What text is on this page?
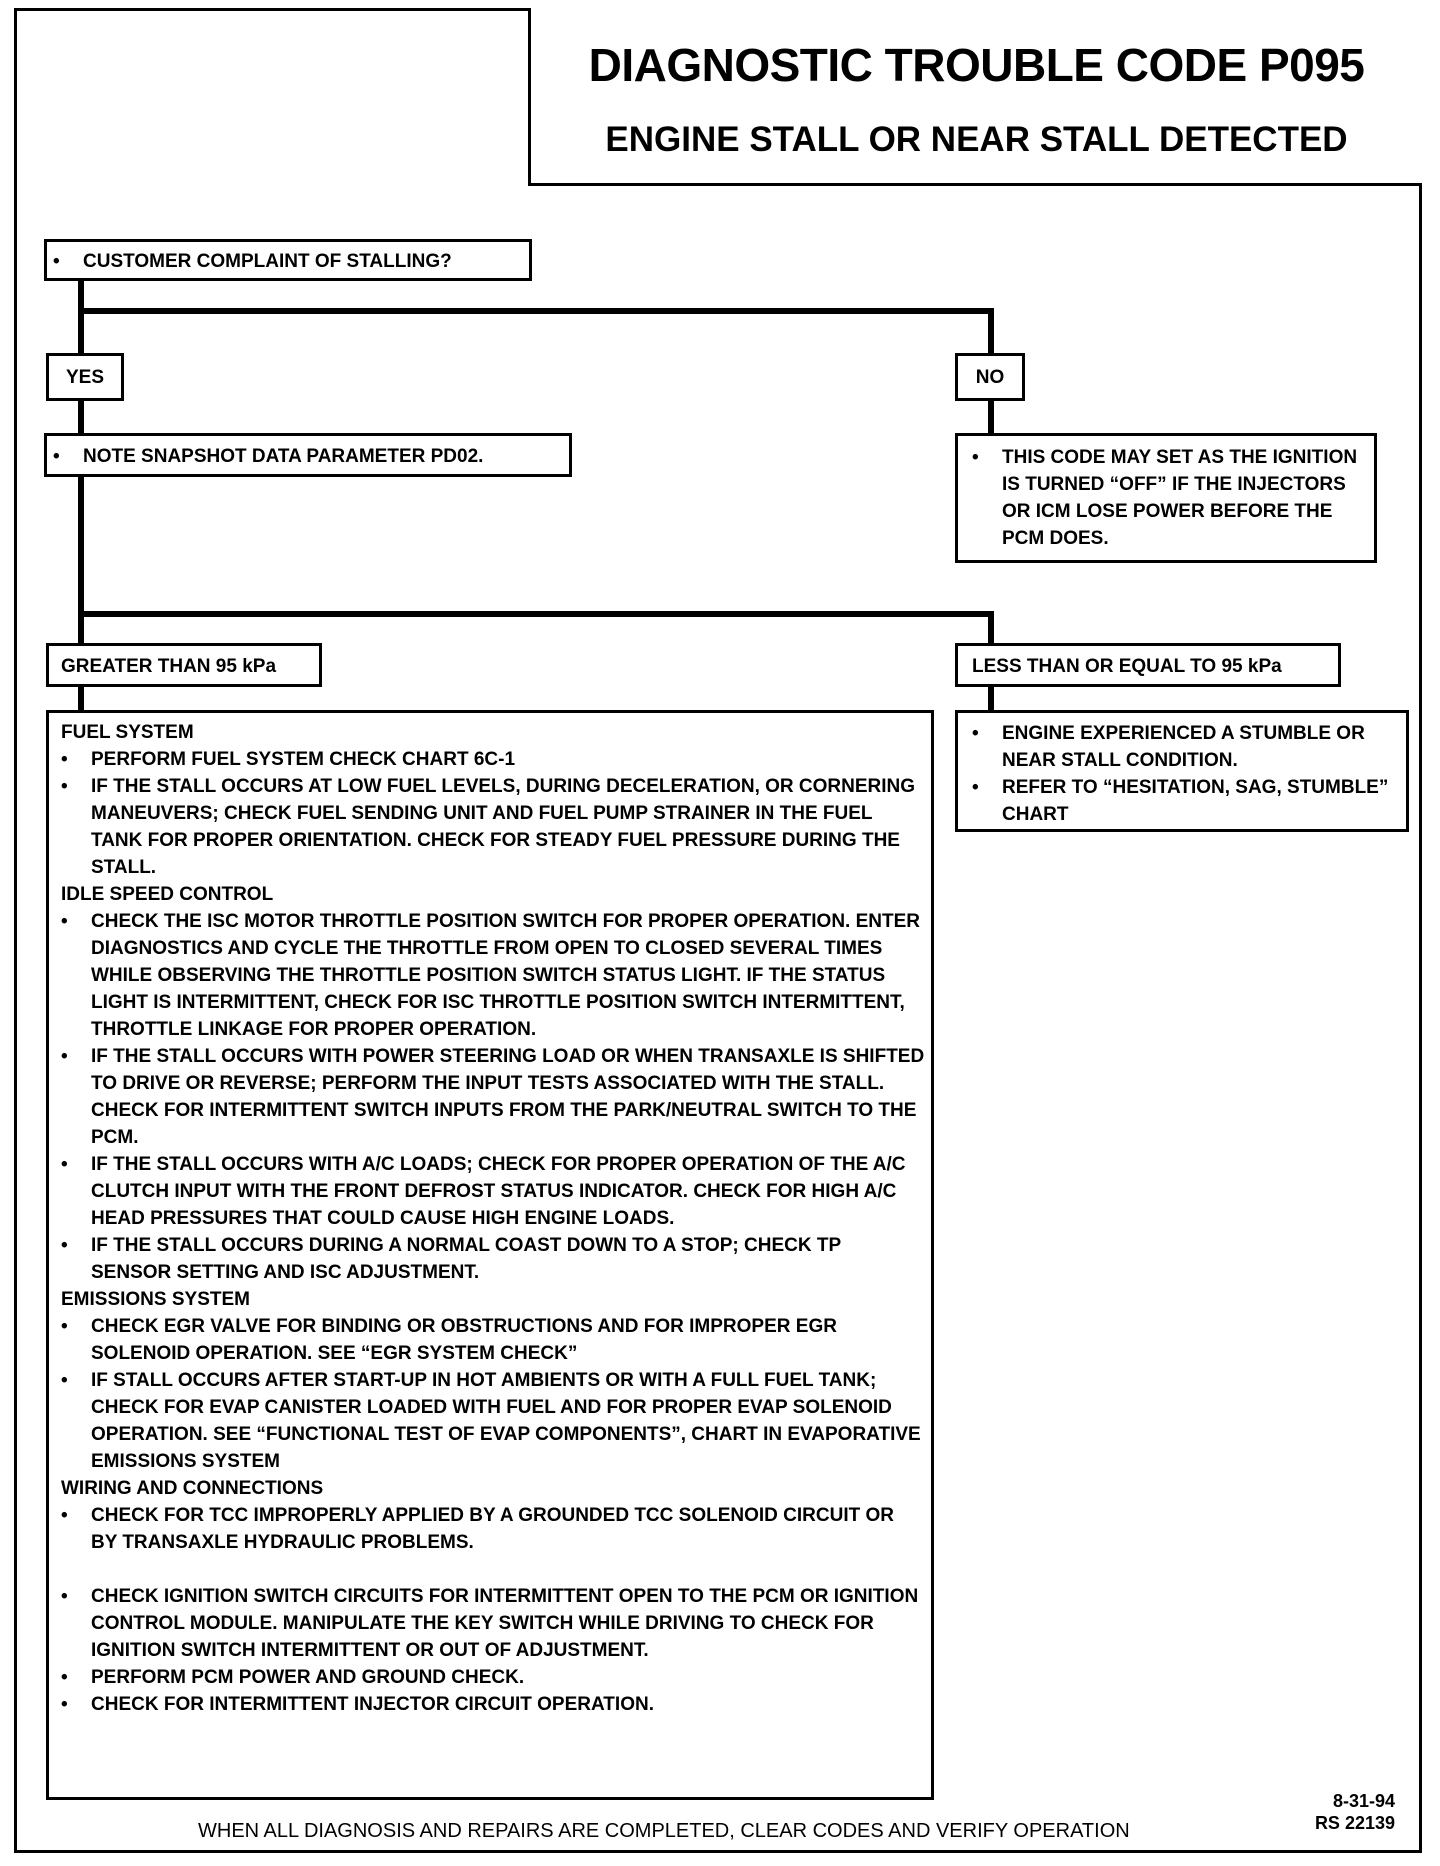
DIAGNOSTIC TROUBLE CODE P095
ENGINE STALL OR NEAR STALL DETECTED
• CUSTOMER COMPLAINT OF STALLING?
YES	NO
• NOTE SNAPSHOT DATA PARAMETER PD02.	• THIS CODE MAY SET AS THE IGNITION IS TURNED “OFF” IF THE INJECTORS OR ICM LOSE POWER BEFORE THE PCM DOES.
GREATER THAN 95 kPa	LESS THAN OR EQUAL TO 95 kPa
• ENGINE EXPERIENCED A STUMBLE OR NEAR STALL CONDITION.
• REFER TO “HESITATION, SAG, STUMBLE” CHART
FUEL SYSTEM
• PERFORM FUEL SYSTEM CHECK CHART 6C-1
• IF THE STALL OCCURS AT LOW FUEL LEVELS, DURING DECELERATION, OR CORNERING MANEUVERS; CHECK FUEL SENDING UNIT AND FUEL PUMP STRAINER IN THE FUEL TANK FOR PROPER ORIENTATION. CHECK FOR STEADY FUEL PRESSURE DURING THE STALL.
IDLE SPEED CONTROL
• CHECK THE ISC MOTOR THROTTLE POSITION SWITCH FOR PROPER OPERATION. ENTER DIAGNOSTICS AND CYCLE THE THROTTLE FROM OPEN TO CLOSED SEVERAL TIMES WHILE OBSERVING THE THROTTLE POSITION SWITCH STATUS LIGHT. IF THE STATUS LIGHT IS INTERMITTENT, CHECK FOR ISC THROTTLE POSITION SWITCH INTERMITTENT, THROTTLE LINKAGE FOR PROPER OPERATION.
• IF THE STALL OCCURS WITH POWER STEERING LOAD OR WHEN TRANSAXLE IS SHIFTED TO DRIVE OR REVERSE; PERFORM THE INPUT TESTS ASSOCIATED WITH THE STALL. CHECK FOR INTERMITTENT SWITCH INPUTS FROM THE PARK/NEUTRAL SWITCH TO THE PCM.
• IF THE STALL OCCURS WITH A/C LOADS; CHECK FOR PROPER OPERATION OF THE A/C CLUTCH INPUT WITH THE FRONT DEFROST STATUS INDICATOR. CHECK FOR HIGH A/C HEAD PRESSURES THAT COULD CAUSE HIGH ENGINE LOADS.
• IF THE STALL OCCURS DURING A NORMAL COAST DOWN TO A STOP; CHECK TP SENSOR SETTING AND ISC ADJUSTMENT.
EMISSIONS SYSTEM
• CHECK EGR VALVE FOR BINDING OR OBSTRUCTIONS AND FOR IMPROPER EGR SOLENOID OPERATION. SEE “EGR SYSTEM CHECK”
• IF STALL OCCURS AFTER START-UP IN HOT AMBIENTS OR WITH A FULL FUEL TANK; CHECK FOR EVAP CANISTER LOADED WITH FUEL AND FOR PROPER EVAP SOLENOID OPERATION. SEE “FUNCTIONAL TEST OF EVAP COMPONENTS”, CHART IN EVAPORATIVE EMISSIONS SYSTEM
WIRING AND CONNECTIONS
• CHECK FOR TCC IMPROPERLY APPLIED BY A GROUNDED TCC SOLENOID CIRCUIT OR BY TRANSAXLE HYDRAULIC PROBLEMS.
• CHECK IGNITION SWITCH CIRCUITS FOR INTERMITTENT OPEN TO THE PCM OR IGNITION CONTROL MODULE. MANIPULATE THE KEY SWITCH WHILE DRIVING TO CHECK FOR IGNITION SWITCH INTERMITTENT OR OUT OF ADJUSTMENT.
• PERFORM PCM POWER AND GROUND CHECK.
• CHECK FOR INTERMITTENT INJECTOR CIRCUIT OPERATION.
WHEN ALL DIAGNOSIS AND REPAIRS ARE COMPLETED, CLEAR CODES AND VERIFY OPERATION
8-31-94
RS 22139
